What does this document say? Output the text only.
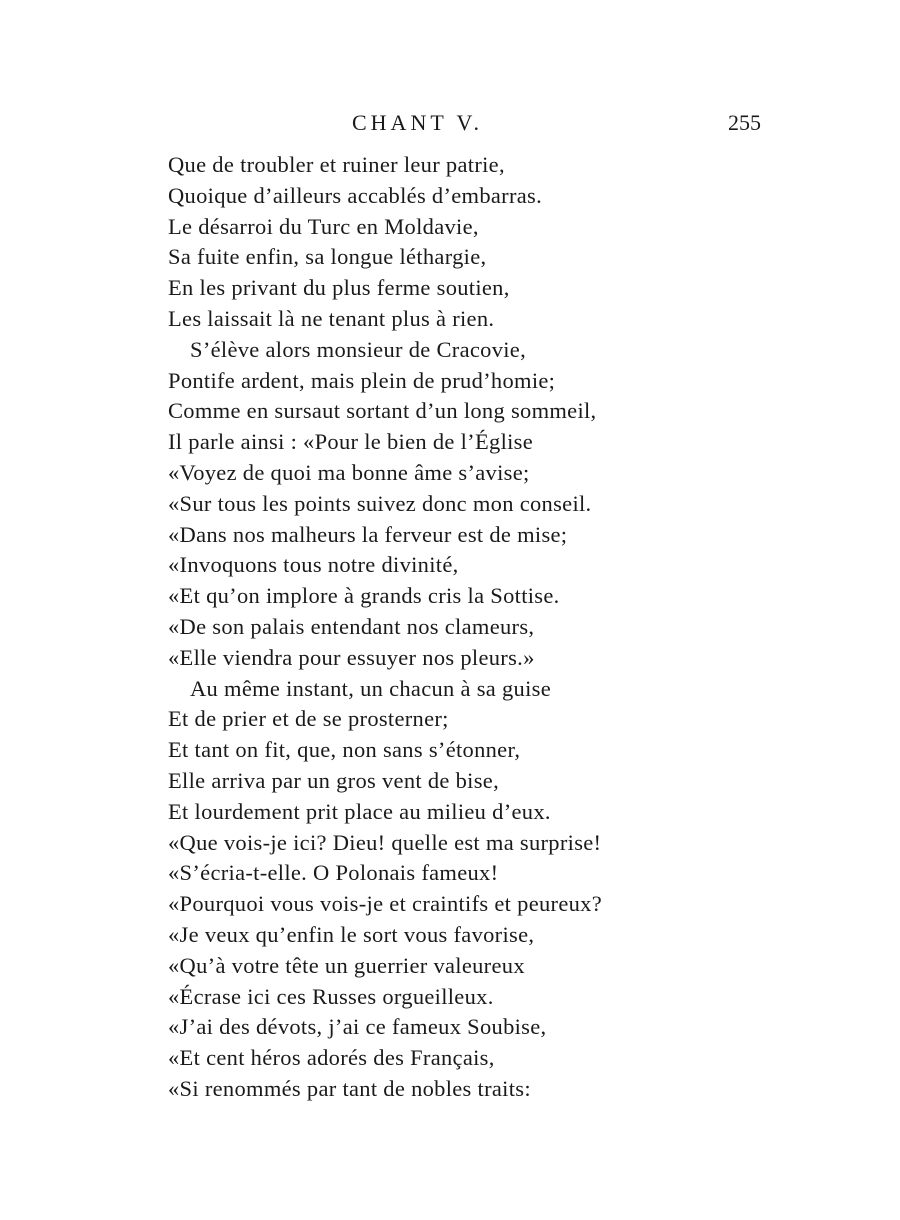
CHANT V.	255
Que de troubler et ruiner leur patrie,
Quoique d’ailleurs accablés d’embarras.
Le désarroi du Turc en Moldavie,
Sa fuite enfin, sa longue léthargie,
En les privant du plus ferme soutien,
Les laissait là ne tenant plus à rien.
S’élève alors monsieur de Cracovie,
Pontife ardent, mais plein de prud’homie;
Comme en sursaut sortant d’un long sommeil,
Il parle ainsi : «Pour le bien de l’Église
«Voyez de quoi ma bonne âme s’avise;
«Sur tous les points suivez donc mon conseil.
«Dans nos malheurs la ferveur est de mise;
«Invoquons tous notre divinité,
«Et qu’on implore à grands cris la Sottise.
«De son palais entendant nos clameurs,
«Elle viendra pour essuyer nos pleurs.»
Au même instant, un chacun à sa guise
Et de prier et de se prosterner;
Et tant on fit, que, non sans s’étonner,
Elle arriva par un gros vent de bise,
Et lourdement prit place au milieu d’eux.
«Que vois-je ici? Dieu! quelle est ma surprise!
«S’écria-t-elle. O Polonais fameux!
«Pourquoi vous vois-je et craintifs et peureux?
«Je veux qu’enfin le sort vous favorise,
«Qu’à votre tête un guerrier valeureux
«Écrase ici ces Russes orgueilleux.
«J’ai des dévots, j’ai ce fameux Soubise,
«Et cent héros adorés des Français,
«Si renommés par tant de nobles traits:
